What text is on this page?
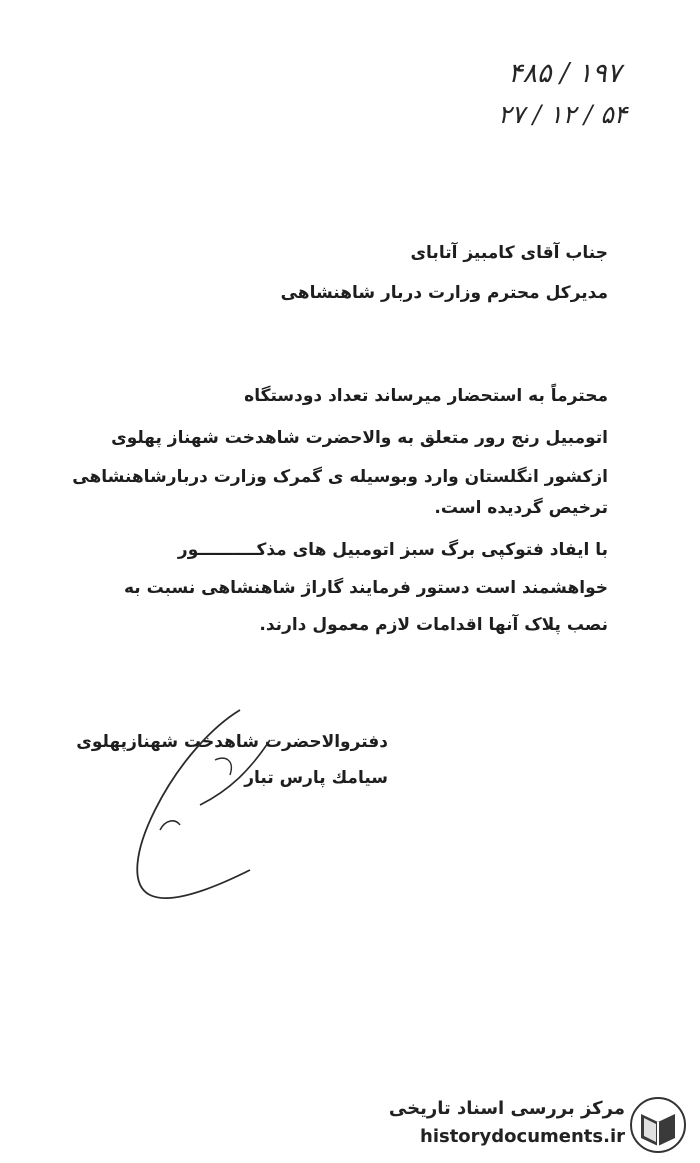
۱۹۷ / ۴۸۵
۵۴ / ۱۲ / ۲۷
جناب آقای کامبیز آتابای
مدیرکل محترم وزارت دربار شاهنشاهی
محترماً به استحضار میرساند تعداد دودستگاه
اتومبیل رنج رور متعلق به والاحضرت شاهدخت شهناز پهلوی
ازکشور انگلستان وارد وبوسیله ی گمرک وزارت دربارشاهنشاهی
ترخیص گردیده است.
با ایفاد فتوکپی برگ سبز اتومبیل های مذکــــــــــور
خواهشمند است دستور فرمایند گاراژ شاهنشاهی نسبت به
نصب پلاک آنها اقدامات لازم معمول دارند.
دفتروالاحضرت شاهدخت شهنازپهلوی
سیامك پارس تبار
مرکز بررسی اسناد تاریخی
historydocuments.ir
